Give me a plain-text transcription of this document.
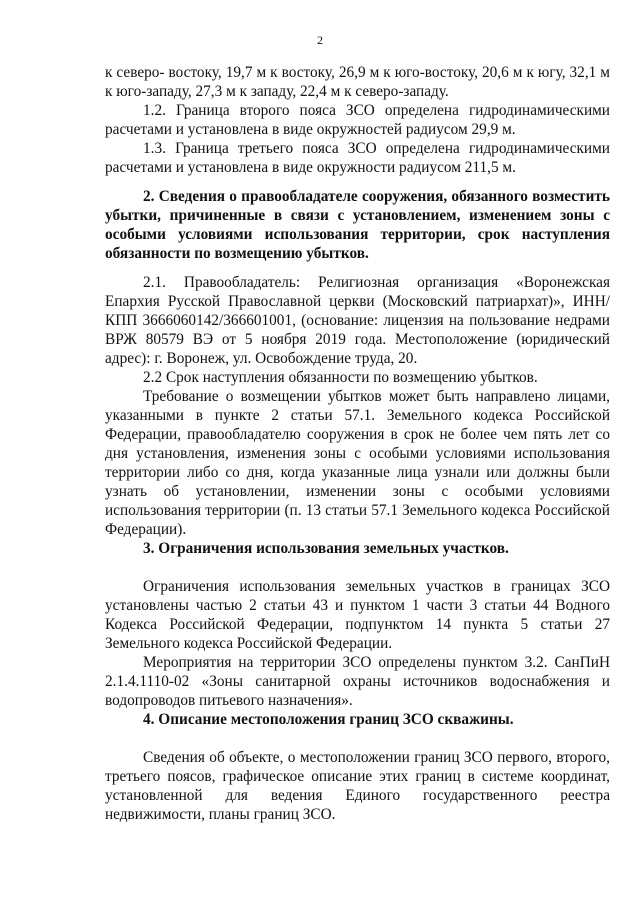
2

к северо- востоку, 19,7 м к востоку, 26,9 м к юго-востоку, 20,6 м к югу, 32,1 м к юго-западу, 27,3 м к западу, 22,4 м к северо-западу.

1.2. Граница второго пояса ЗСО определена гидродинамическими расчетами и установлена в виде окружностей радиусом 29,9 м.

1.3. Граница третьего пояса ЗСО определена гидродинамическими расчетами и установлена в виде окружности радиусом 211,5 м.

2. Сведения о правообладателе сооружения, обязанного возместить убытки, причиненные в связи с установлением, изменением зоны с особыми условиями использования территории, срок наступления обязанности по возмещению убытков.

2.1. Правообладатель: Религиозная организация «Воронежская Епархия Русской Православной церкви (Московский патриархат)», ИНН/КПП 3666060142/366601001, (основание: лицензия на пользование недрами ВРЖ 80579 ВЭ от 5 ноября 2019 года. Местоположение (юридический адрес): г. Воронеж, ул. Освобождение труда, 20.

2.2 Срок наступления обязанности по возмещению убытков.

Требование о возмещении убытков может быть направлено лицами, указанными в пункте 2 статьи 57.1. Земельного кодекса Российской Федерации, правообладателю сооружения в срок не более чем пять лет со дня установления, изменения зоны с особыми условиями использования территории либо со дня, когда указанные лица узнали или должны были узнать об установлении, изменении зоны с особыми условиями использования территории (п. 13 статьи 57.1 Земельного кодекса Российской Федерации).

3. Ограничения использования земельных участков.

Ограничения использования земельных участков в границах ЗСО установлены частью 2 статьи 43 и пунктом 1 части 3 статьи 44 Водного Кодекса Российской Федерации, подпунктом 14 пункта 5 статьи 27 Земельного кодекса Российской Федерации.

Мероприятия на территории ЗСО определены пунктом 3.2. СанПиН 2.1.4.1110-02 «Зоны санитарной охраны источников водоснабжения и водопроводов питьевого назначения».

4. Описание местоположения границ ЗСО скважины.

Сведения об объекте, о местоположении границ ЗСО первого, второго, третьего поясов, графическое описание этих границ в системе координат, установленной для ведения Единого государственного реестра недвижимости, планы границ ЗСО.
